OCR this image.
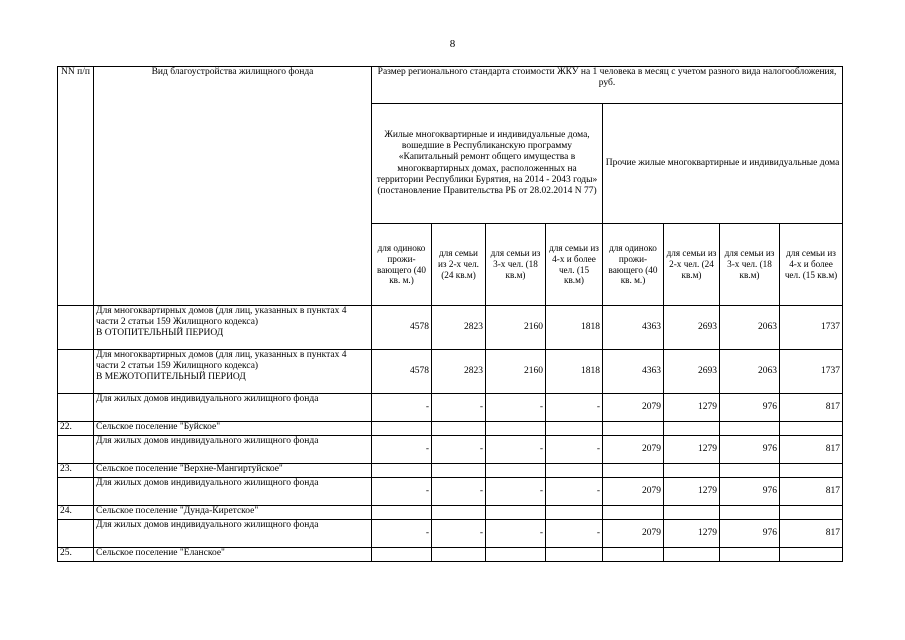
8
NN п/п	Вид благоустройства жилищного фонда	Размер регионального стандарта стоимости ЖКУ на 1 человека в месяц с учетом разного вида налогообложения, руб.							
		Жилые многоквартирные и индивидуальные дома, вошедшие в Республиканскую программу «Капитальный ремонт общего имущества в многоквартирных домах, расположенных на территории Республики Бурятия, на 2014 - 2043 годы» (постановление Правительства РБ от 28.02.2014 N 77)				Прочие жилые многоквартирные и индивидуальные дома			
		для одиноко прожи- вающего (40 кв. м.)	для семьи из 2-х чел. (24 кв.м)	для семьи из 3-х чел. (18 кв.м)	для семьи из 4-х и более чел. (15 кв.м)	для одиноко прожи- вающего (40 кв. м.)	для семьи из 2-х чел. (24 кв.м)	для семьи из 3-х чел. (18 кв.м)	для семьи из 4-х и более чел. (15 кв.м)

	Для многоквартирных домов (для лиц, указанных в пунктах 4 части 2 статьи 159 Жилищного кодекса)
В ОТОПИТЕЛЬНЫЙ ПЕРИОД	4578	2823	2160	1818	4363	2693	2063	1737

	Для многоквартирных домов (для лиц, указанных в пунктах 4 части 2 статьи 159 Жилищного кодекса)
В МЕЖОТОПИТЕЛЬНЫЙ ПЕРИОД	4578	2823	2160	1818	4363	2693	2063	1737

	Для жилых домов индивидуального жилищного фонда	-	-	-	-	2079	1279	976	817
22.	Сельское поселение "Буйское"								

	Для жилых домов индивидуального жилищного фонда	-	-	-	-	2079	1279	976	817
23.	Сельское поселение "Верхне-Мангиртуйское"								

	Для жилых домов индивидуального жилищного фонда	-	-	-	-	2079	1279	976	817
24.	Сельское поселение "Дунда-Киретское"								

	Для жилых домов индивидуального жилищного фонда	-	-	-	-	2079	1279	976	817
25.	Сельское поселение "Еланское"								
